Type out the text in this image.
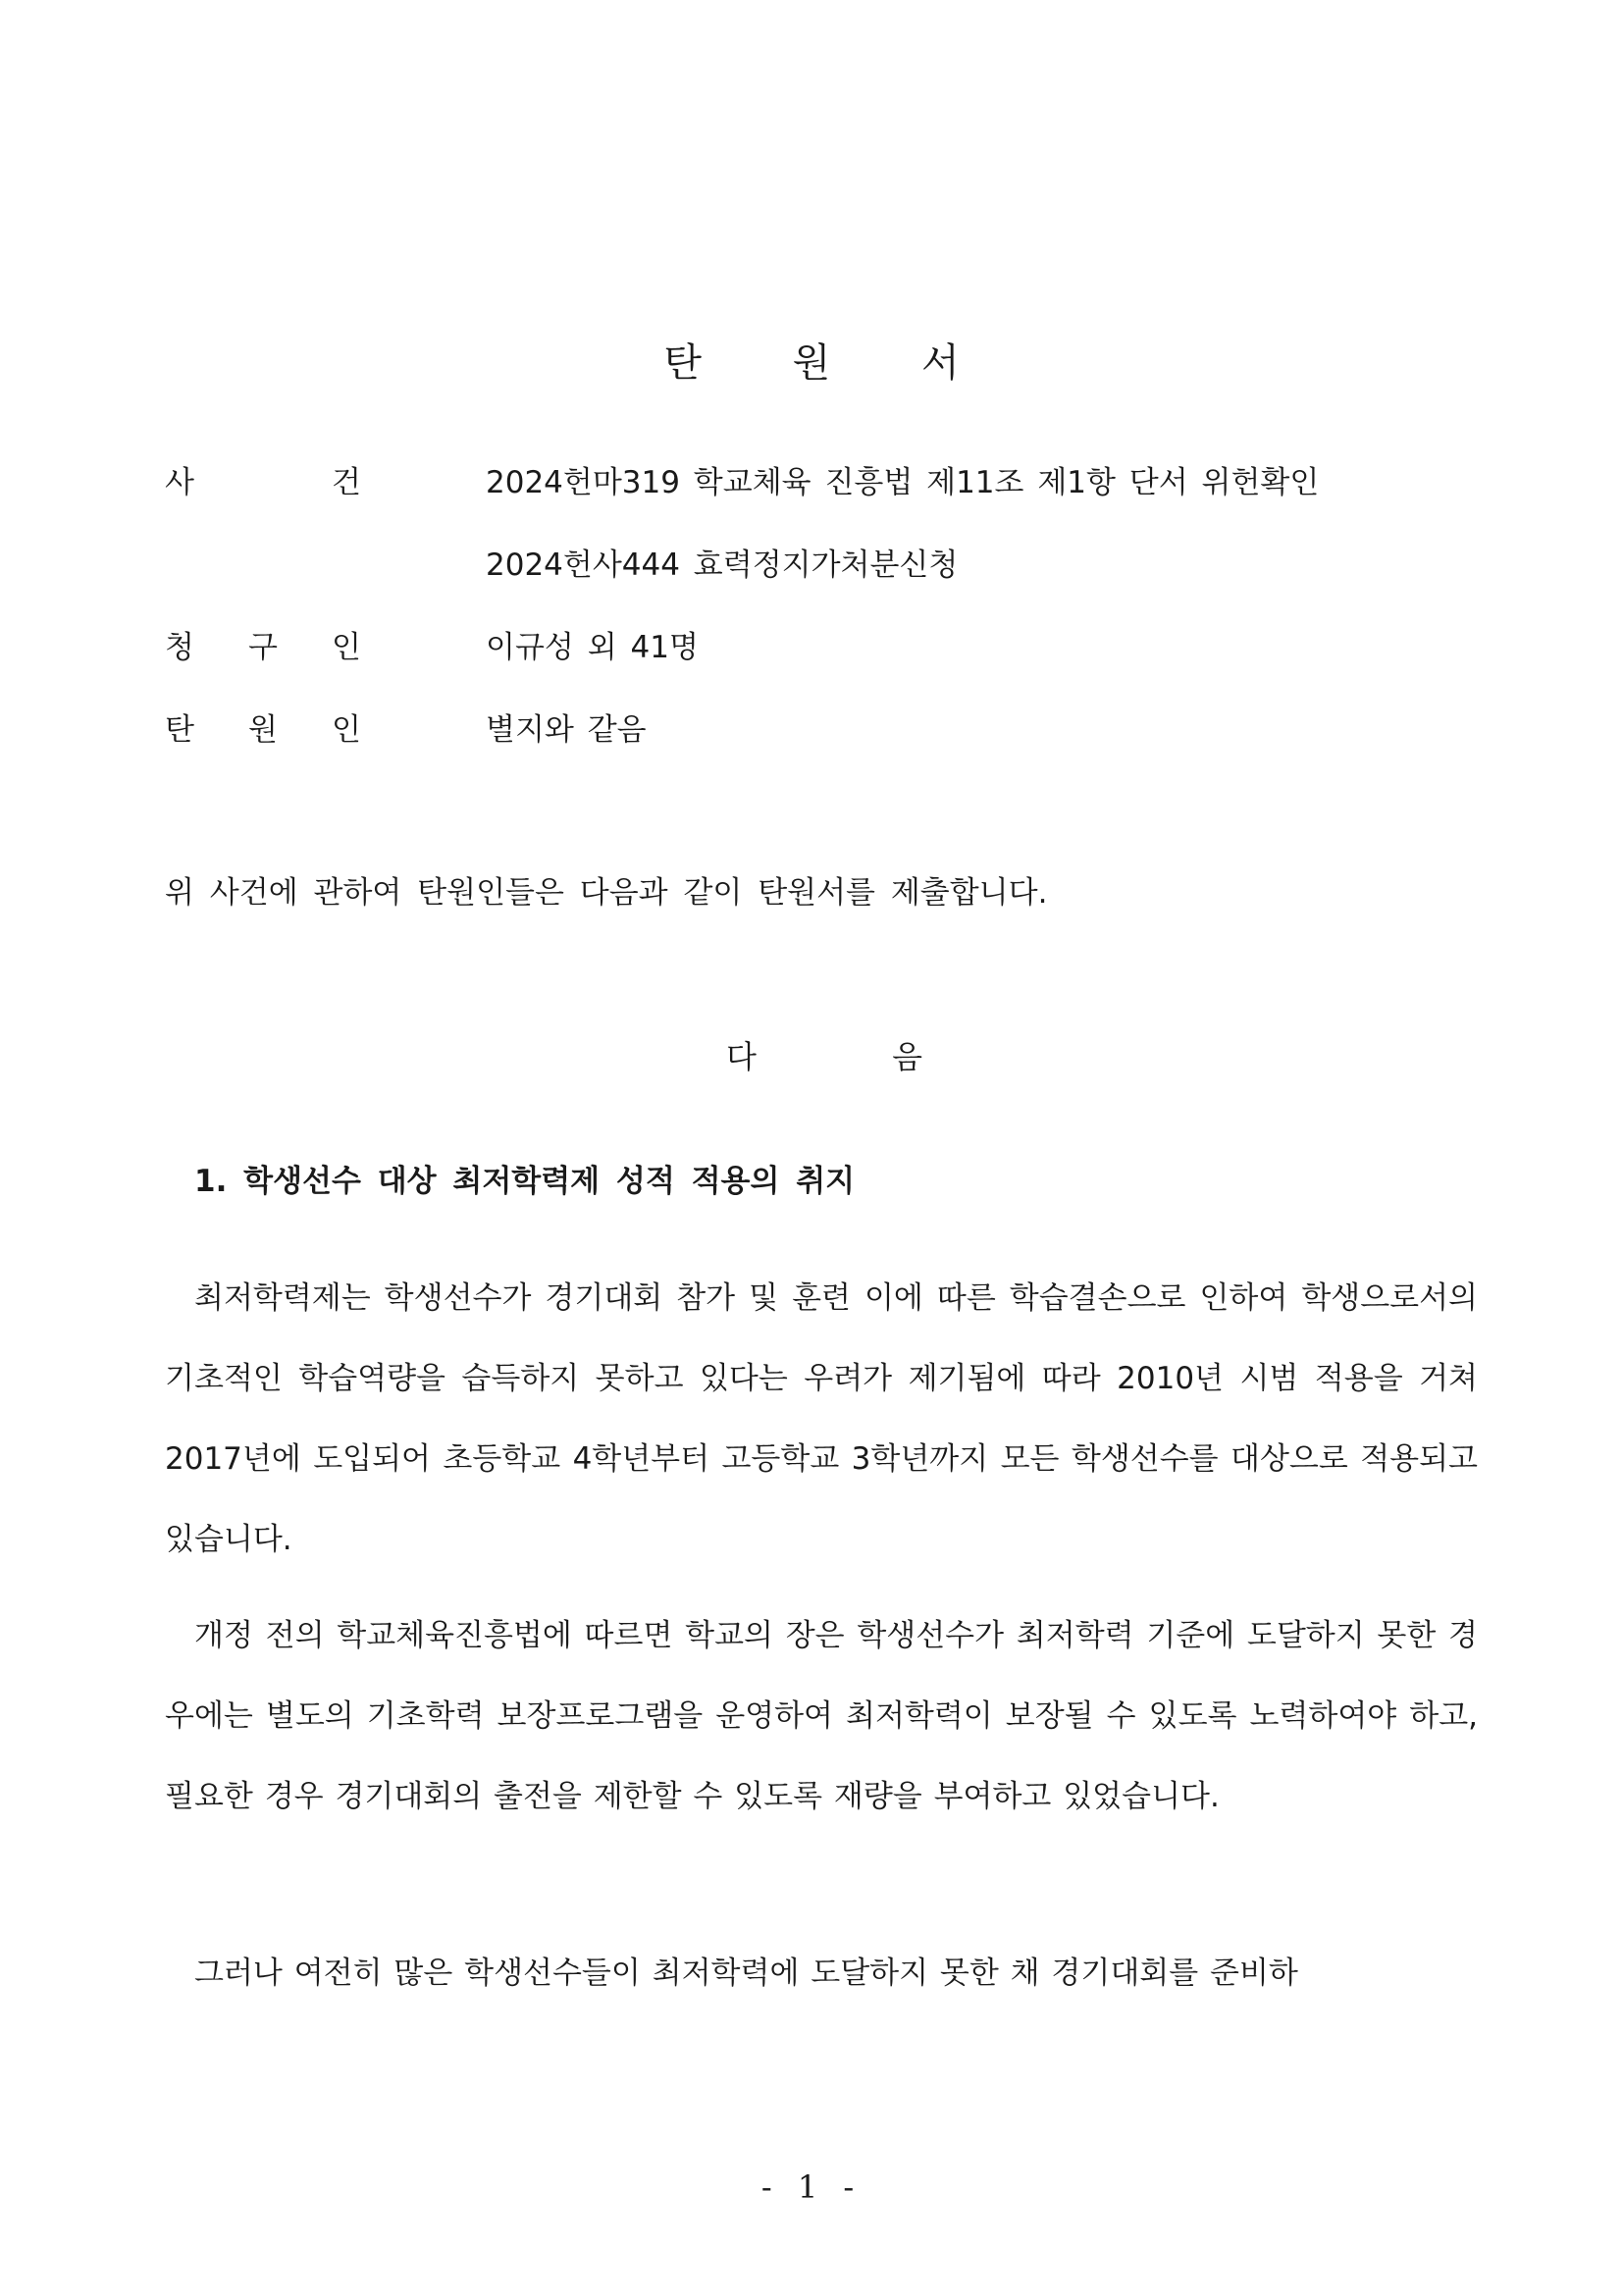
탄 원 서
사	건	2024헌마319 학교체육 진흥법 제11조 제1항 단서 위헌확인
2024헌사444 효력정지가처분신청
청 구 인	이규성 외 41명
탄 원 인	별지와 같음
위 사건에 관하여 탄원인들은 다음과 같이 탄원서를 제출합니다.
다	음
1. 학생선수 대상 최저학력제 성적 적용의 취지
최저학력제는 학생선수가 경기대회 참가 및 훈련 이에 따른 학습결손으로 인하여 학생으로서의 기초적인 학습역량을 습득하지 못하고 있다는 우려가 제기됨에 따라 2010년 시범 적용을 거쳐 2017년에 도입되어 초등학교 4학년부터 고등학교 3학년까지 모든 학생선수를 대상으로 적용되고 있습니다.
개정 전의 학교체육진흥법에 따르면 학교의 장은 학생선수가 최저학력 기준에 도달하지 못한 경우에는 별도의 기초학력 보장프로그램을 운영하여 최저학력이 보장될 수 있도록 노력하여야 하고, 필요한 경우 경기대회의 출전을 제한할 수 있도록 재량을 부여하고 있었습니다.
그러나 여전히 많은 학생선수들이 최저학력에 도달하지 못한 채 경기대회를 준비하
- 1 -
